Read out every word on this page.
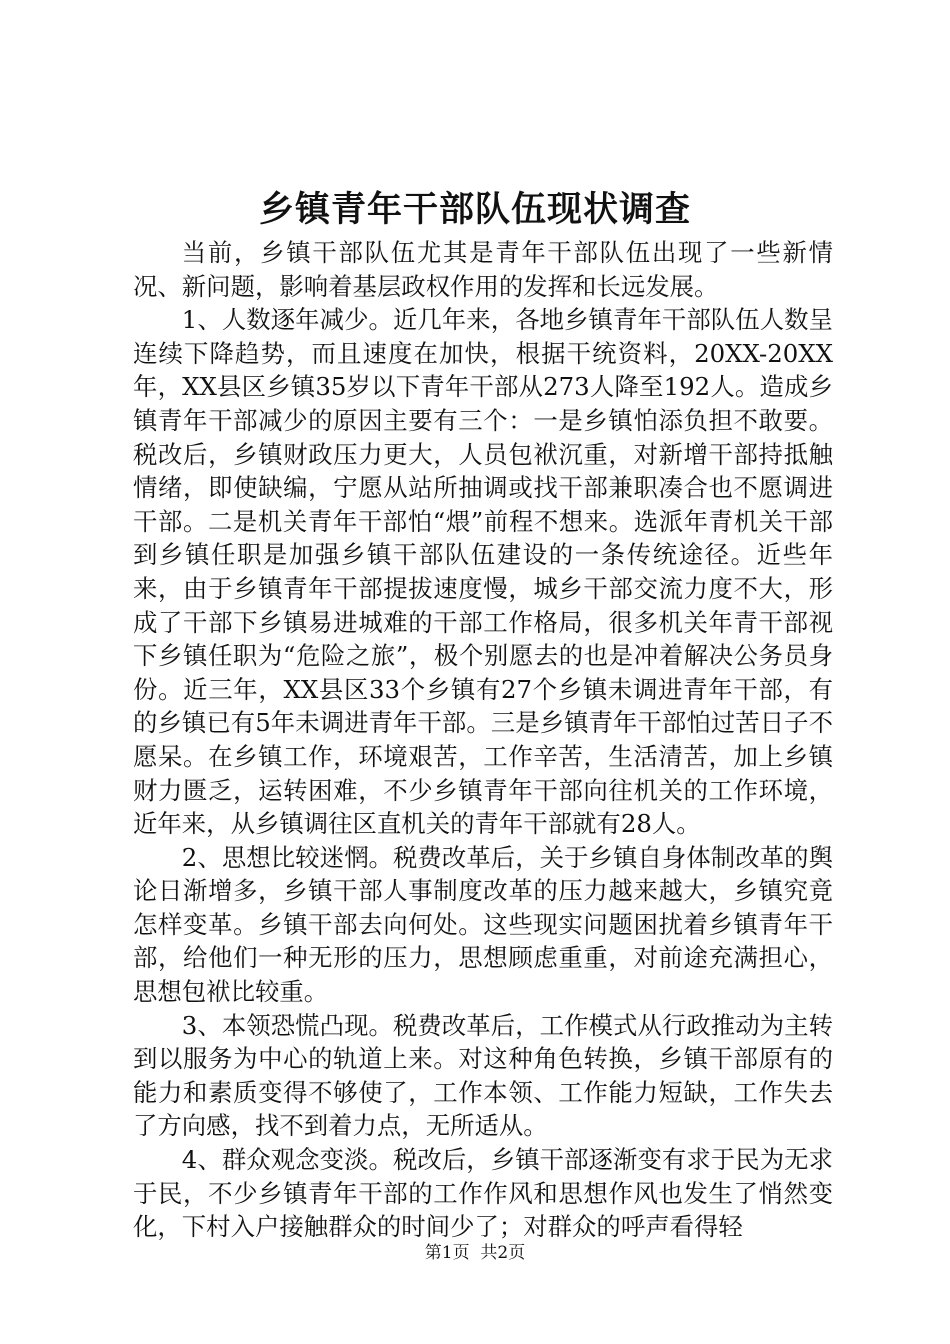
乡镇青年干部队伍现状调查

当前，乡镇干部队伍尤其是青年干部队伍出现了一些新情况、新问题，影响着基层政权作用的发挥和长远发展。

1、人数逐年减少。近几年来，各地乡镇青年干部队伍人数呈连续下降趋势，而且速度在加快，根据干统资料，20XX-20XX年，XX县区乡镇35岁以下青年干部从273人降至192人。造成乡镇青年干部减少的原因主要有三个：一是乡镇怕添负担不敢要。税改后，乡镇财政压力更大，人员包袱沉重，对新增干部持抵触情绪，即使缺编，宁愿从站所抽调或找干部兼职凑合也不愿调进干部。二是机关青年干部怕“煨”前程不想来。选派年青机关干部到乡镇任职是加强乡镇干部队伍建设的一条传统途径。近些年来，由于乡镇青年干部提拔速度慢，城乡干部交流力度不大，形成了干部下乡镇易进城难的干部工作格局，很多机关年青干部视下乡镇任职为“危险之旅”，极个别愿去的也是冲着解决公务员身份。近三年，XX县区33个乡镇有27个乡镇未调进青年干部，有的乡镇已有5年未调进青年干部。三是乡镇青年干部怕过苦日子不愿呆。在乡镇工作，环境艰苦，工作辛苦，生活清苦，加上乡镇财力匮乏，运转困难，不少乡镇青年干部向往机关的工作环境，近年来，从乡镇调往区直机关的青年干部就有28人。

2、思想比较迷惘。税费改革后，关于乡镇自身体制改革的舆论日渐增多，乡镇干部人事制度改革的压力越来越大，乡镇究竟怎样变革。乡镇干部去向何处。这些现实问题困扰着乡镇青年干部，给他们一种无形的压力，思想顾虑重重，对前途充满担心，思想包袱比较重。

3、本领恐慌凸现。税费改革后，工作模式从行政推动为主转到以服务为中心的轨道上来。对这种角色转换，乡镇干部原有的能力和素质变得不够使了，工作本领、工作能力短缺，工作失去了方向感，找不到着力点，无所适从。

4、群众观念变淡。税改后，乡镇干部逐渐变有求于民为无求于民，不少乡镇青年干部的工作作风和思想作风也发生了悄然变化，下村入户接触群众的时间少了；对群众的呼声看得轻

第1页 共2页
